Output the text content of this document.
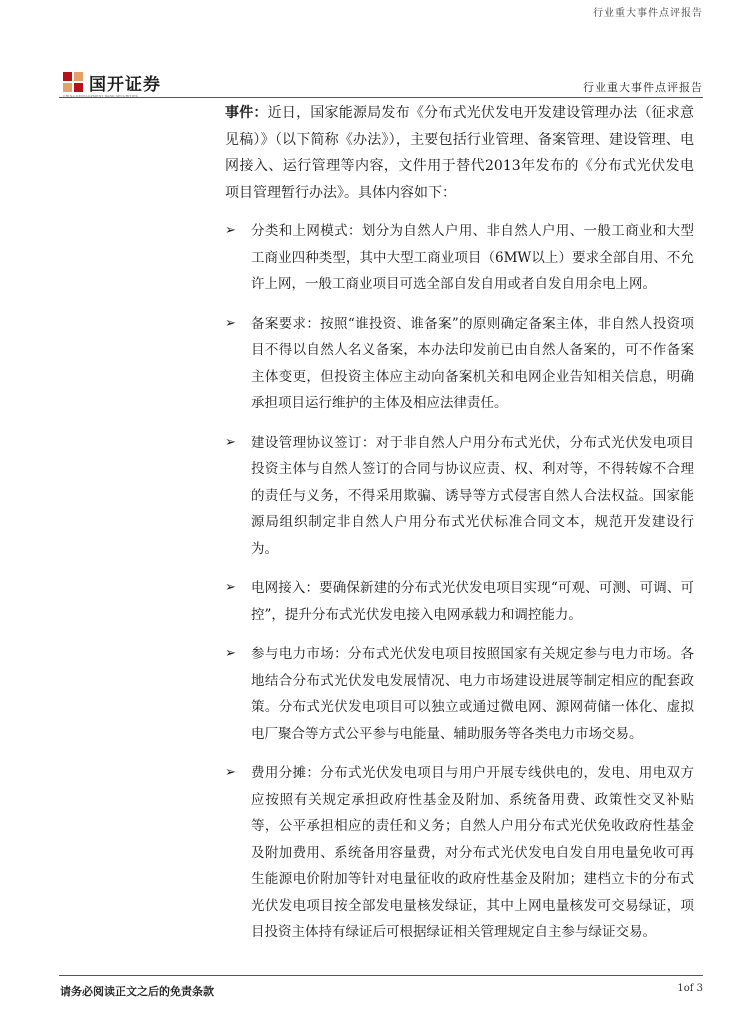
行业重大事件点评报告
国开证券
CHINA DEVELOPMENT BANK SECURITIES
行业重大事件点评报告

事件：近日，国家能源局发布《分布式光伏发电开发建设管理办法（征求意见稿）》（以下简称《办法》），主要包括行业管理、备案管理、建设管理、电网接入、运行管理等内容，文件用于替代2013年发布的《分布式光伏发电项目管理暂行办法》。具体内容如下：

➢ 分类和上网模式：划分为自然人户用、非自然人户用、一般工商业和大型工商业四种类型，其中大型工商业项目（6MW以上）要求全部自用、不允许上网，一般工商业项目可选全部自发自用或者自发自用余电上网。
➢ 备案要求：按照“谁投资、谁备案”的原则确定备案主体，非自然人投资项目不得以自然人名义备案，本办法印发前已由自然人备案的，可不作备案主体变更，但投资主体应主动向备案机关和电网企业告知相关信息，明确承担项目运行维护的主体及相应法律责任。
➢ 建设管理协议签订：对于非自然人户用分布式光伏，分布式光伏发电项目投资主体与自然人签订的合同与协议应责、权、利对等，不得转嫁不合理的责任与义务，不得采用欺骗、诱导等方式侵害自然人合法权益。国家能源局组织制定非自然人户用分布式光伏标准合同文本，规范开发建设行为。
➢ 电网接入：要确保新建的分布式光伏发电项目实现“可观、可测、可调、可控”，提升分布式光伏发电接入电网承载力和调控能力。
➢ 参与电力市场：分布式光伏发电项目按照国家有关规定参与电力市场。各地结合分布式光伏发电发展情况、电力市场建设进展等制定相应的配套政策。分布式光伏发电项目可以独立或通过微电网、源网荷储一体化、虚拟电厂聚合等方式公平参与电能量、辅助服务等各类电力市场交易。
➢ 费用分摊：分布式光伏发电项目与用户开展专线供电的，发电、用电双方应按照有关规定承担政府性基金及附加、系统备用费、政策性交叉补贴等，公平承担相应的责任和义务；自然人户用分布式光伏免收政府性基金及附加费用、系统备用容量费，对分布式光伏发电自发自用电量免收可再生能源电价附加等针对电量征收的政府性基金及附加；建档立卡的分布式光伏发电项目按全部发电量核发绿证，其中上网电量核发可交易绿证，项目投资主体持有绿证后可根据绿证相关管理规定自主参与绿证交易。
请务必阅读正文之后的免责条款	1of 3
